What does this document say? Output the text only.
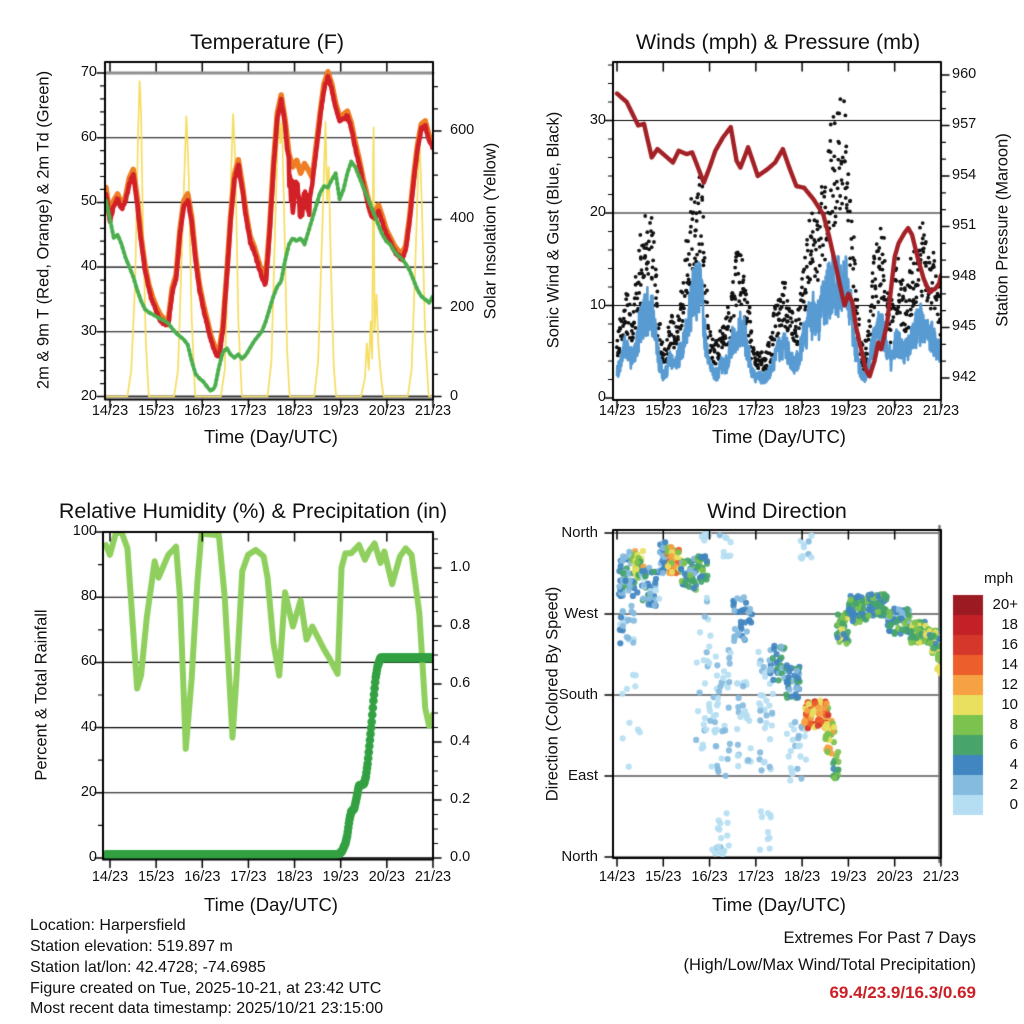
Temperature (F)	Winds (mph) & Pressure (mb)
Relative Humidity (%) & Precipitation (in)	Wind Direction
Time (Day/UTC)	Time (Day/UTC)
Time (Day/UTC)	Time (Day/UTC)
2m & 9m T (Red, Orange) & 2m Td (Green)	Solar Insolation (Yellow)	Sonic Wind & Gust (Blue, Black)	Station Pressure (Maroon)
Percent & Total Rainfall	Direction (Colored By Speed)
mph
Location: Harpersfield
Station elevation: 519.897 m
Station lat/lon: 42.4728; -74.6985
Figure created on Tue, 2025-10-21, at 23:42 UTC
Most recent data timestamp: 2025/10/21 23:15:00
Extremes For Past 7 Days
(High/Low/Max Wind/Total Precipitation)
69.4/23.9/16.3/0.69
20
30
40
50
60
70
0
200
400
600
14/23 15/23 16/23 17/23 18/23 19/23 20/23 21/23
0
10
20
30
942
945
948
951
954
957
960
14/23 15/23 16/23 17/23 18/23 19/23 20/23 21/23
0
20
40
60
80
100
0.0
0.2
0.4
0.6
0.8
1.0
14/23 15/23 16/23 17/23 18/23 19/23 20/23 21/23
North
West
South
East
North
14/23 15/23 16/23 17/23 18/23 19/23 20/23 21/23
20+
18
16
14
12
10
8
6
4
2
0
